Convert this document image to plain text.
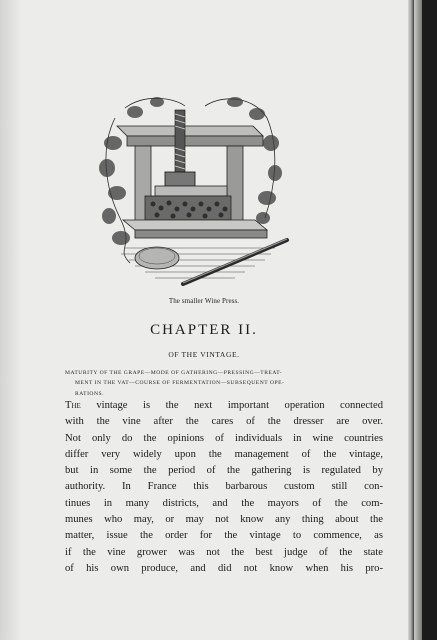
The smaller Wine Press.
CHAPTER II.
OF THE VINTAGE.
MATURITY OF THE GRAPE—MODE OF GATHERING—PRESSING—TREAT-
MENT IN THE VAT—COURSE OF FERMENTATION—SUBSEQUENT OPE-
RATIONS.
The vintage is the next important operation connected
with the vine after the cares of the dresser are over.
Not only do the opinions of individuals in wine countries
differ very widely upon the management of the vintage,
but in some the period of the gathering is regulated by
authority. In France this barbarous custom still con-
tinues in many districts, and the mayors of the com-
munes who may, or may not know any thing about the
matter, issue the order for the vintage to commence, as
if the vine grower was not the best judge of the state
of his own produce, and did not know when his pro-
